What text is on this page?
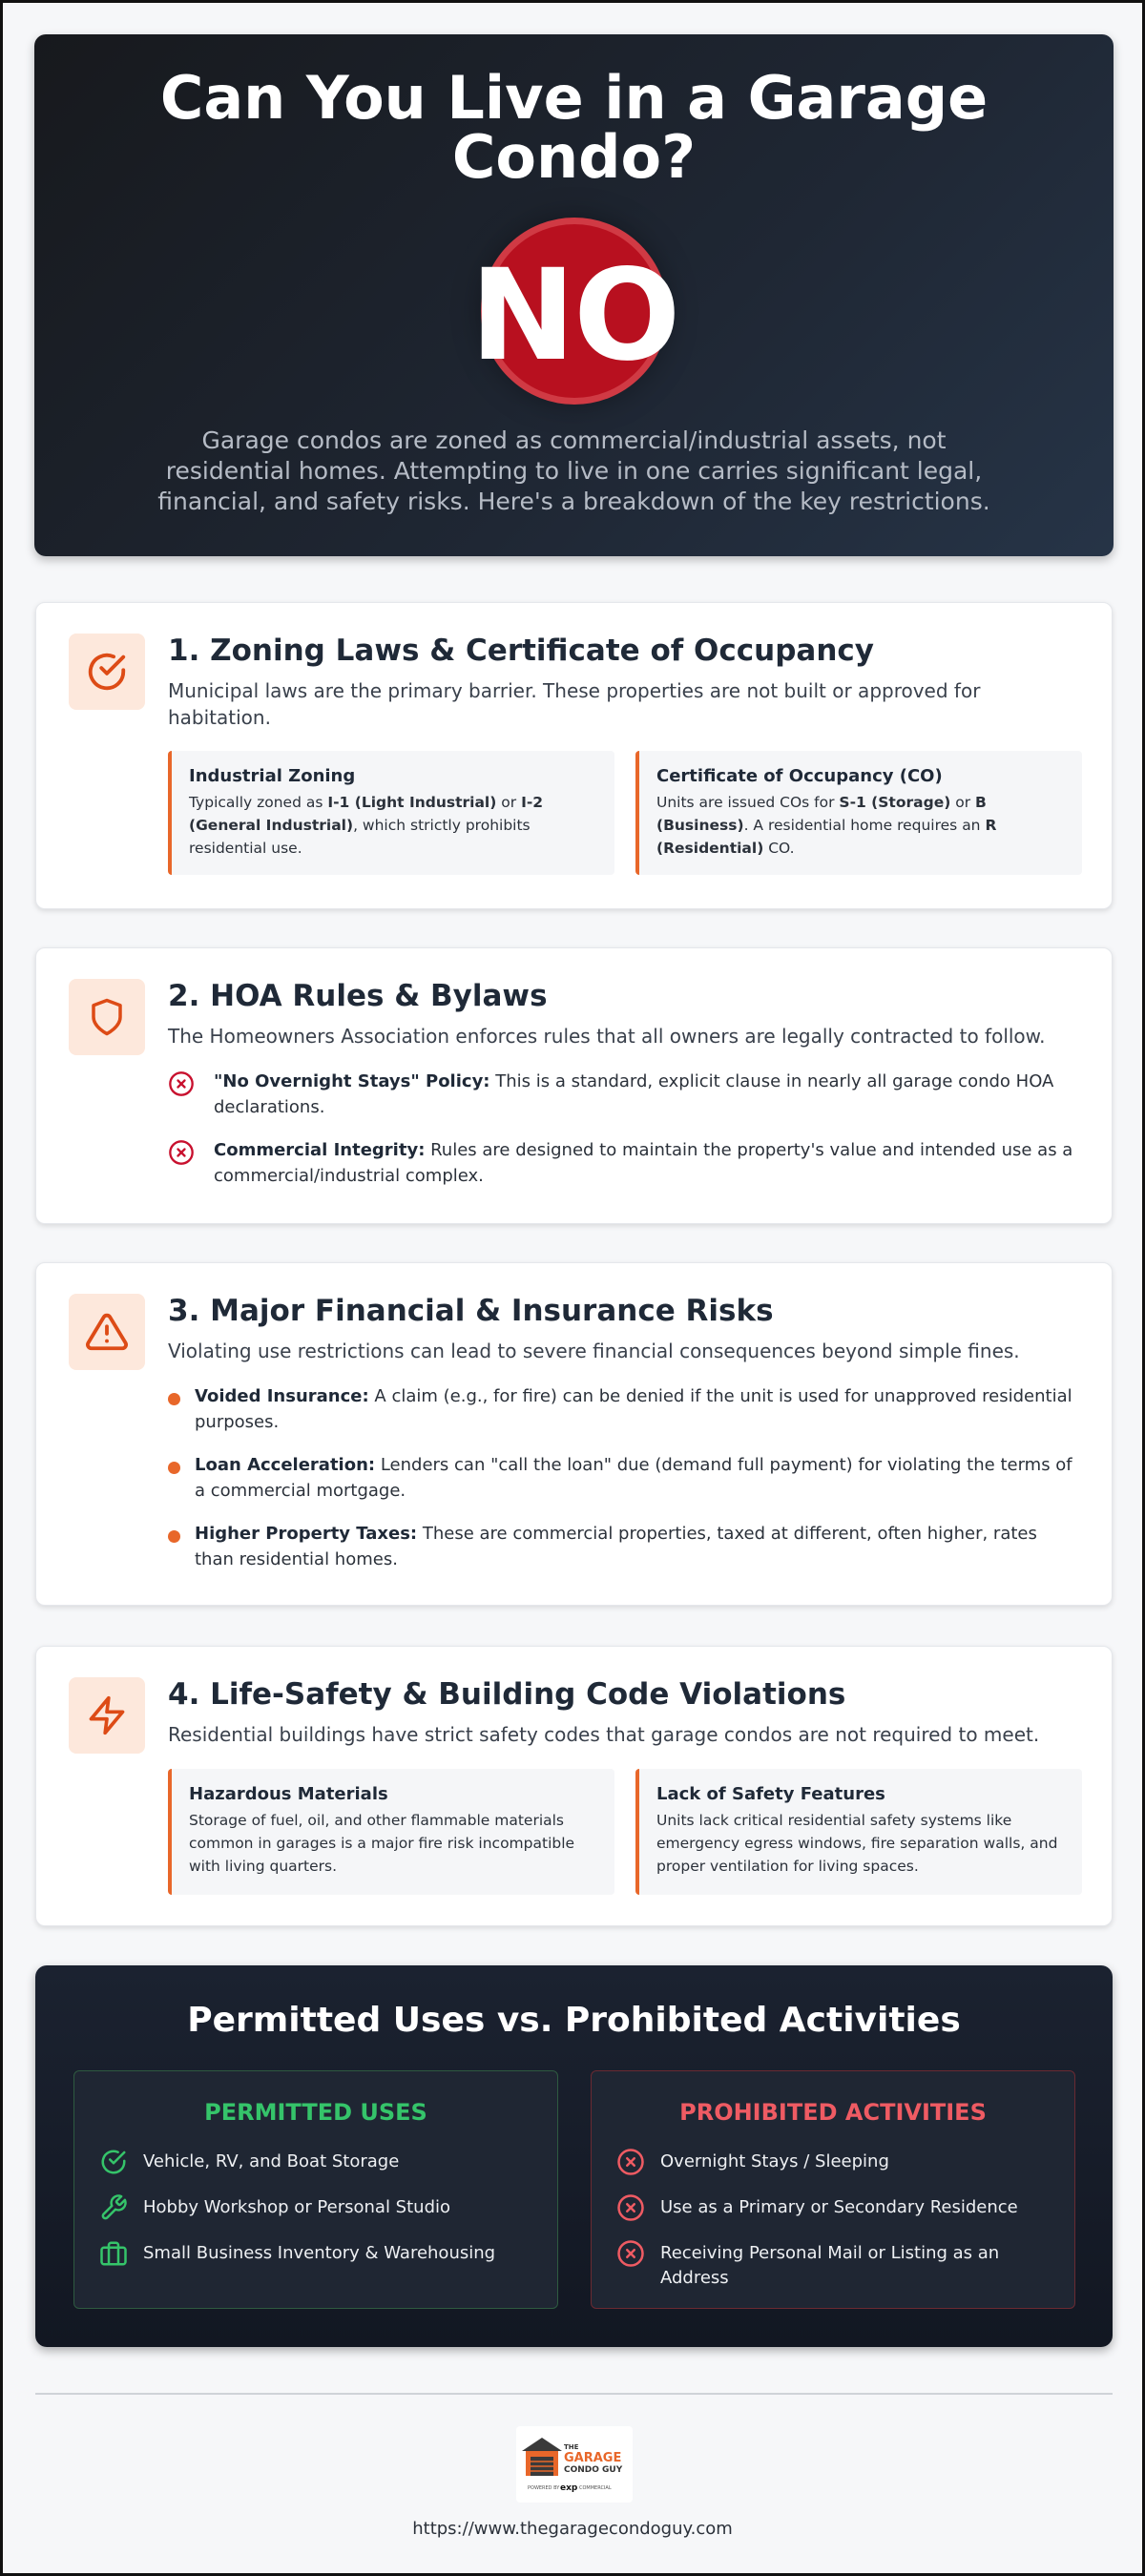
Can You Live in a Garage Condo?
NO

Garage condos are zoned as commercial/industrial assets, not residential homes. Attempting to live in one carries significant legal, financial, and safety risks. Here's a breakdown of the key restrictions.

1. Zoning Laws & Certificate of Occupancy

Municipal laws are the primary barrier. These properties are not built or approved for habitation.

Industrial Zoning
Typically zoned as I-1 (Light Industrial) or I-2 (General Industrial), which strictly prohibits residential use.
Certificate of Occupancy (CO)
Units are issued COs for S-1 (Storage) or B (Business). A residential home requires an R (Residential) CO.
2. HOA Rules & Bylaws

The Homeowners Association enforces rules that all owners are legally contracted to follow.

"No Overnight Stays" Policy: This is a standard, explicit clause in nearly all garage condo HOA declarations.
Commercial Integrity: Rules are designed to maintain the property's value and intended use as a commercial/industrial complex.
3. Major Financial & Insurance Risks

Violating use restrictions can lead to severe financial consequences beyond simple fines.

Voided Insurance: A claim (e.g., for fire) can be denied if the unit is used for unapproved residential purposes.
Loan Acceleration: Lenders can "call the loan" due (demand full payment) for violating the terms of a commercial mortgage.
Higher Property Taxes: These are commercial properties, taxed at different, often higher, rates than residential homes.
4. Life-Safety & Building Code Violations

Residential buildings have strict safety codes that garage condos are not required to meet.

Hazardous Materials
Storage of fuel, oil, and other flammable materials common in garages is a major fire risk incompatible with living quarters.
Lack of Safety Features
Units lack critical residential safety systems like emergency egress windows, fire separation walls, and proper ventilation for living spaces.
Permitted Uses vs. Prohibited Activities
PERMITTED USES
Vehicle, RV, and Boat Storage
Hobby Workshop or Personal Studio
Small Business Inventory & Warehousing
PROHIBITED ACTIVITIES
Overnight Stays / Sleeping
Use as a Primary or Secondary Residence
Receiving Personal Mail or Listing as an Address
THE
GARAGE
CONDO GUY
POWERED BY exp COMMERCIAL
https://www.thegaragecondoguy.com
